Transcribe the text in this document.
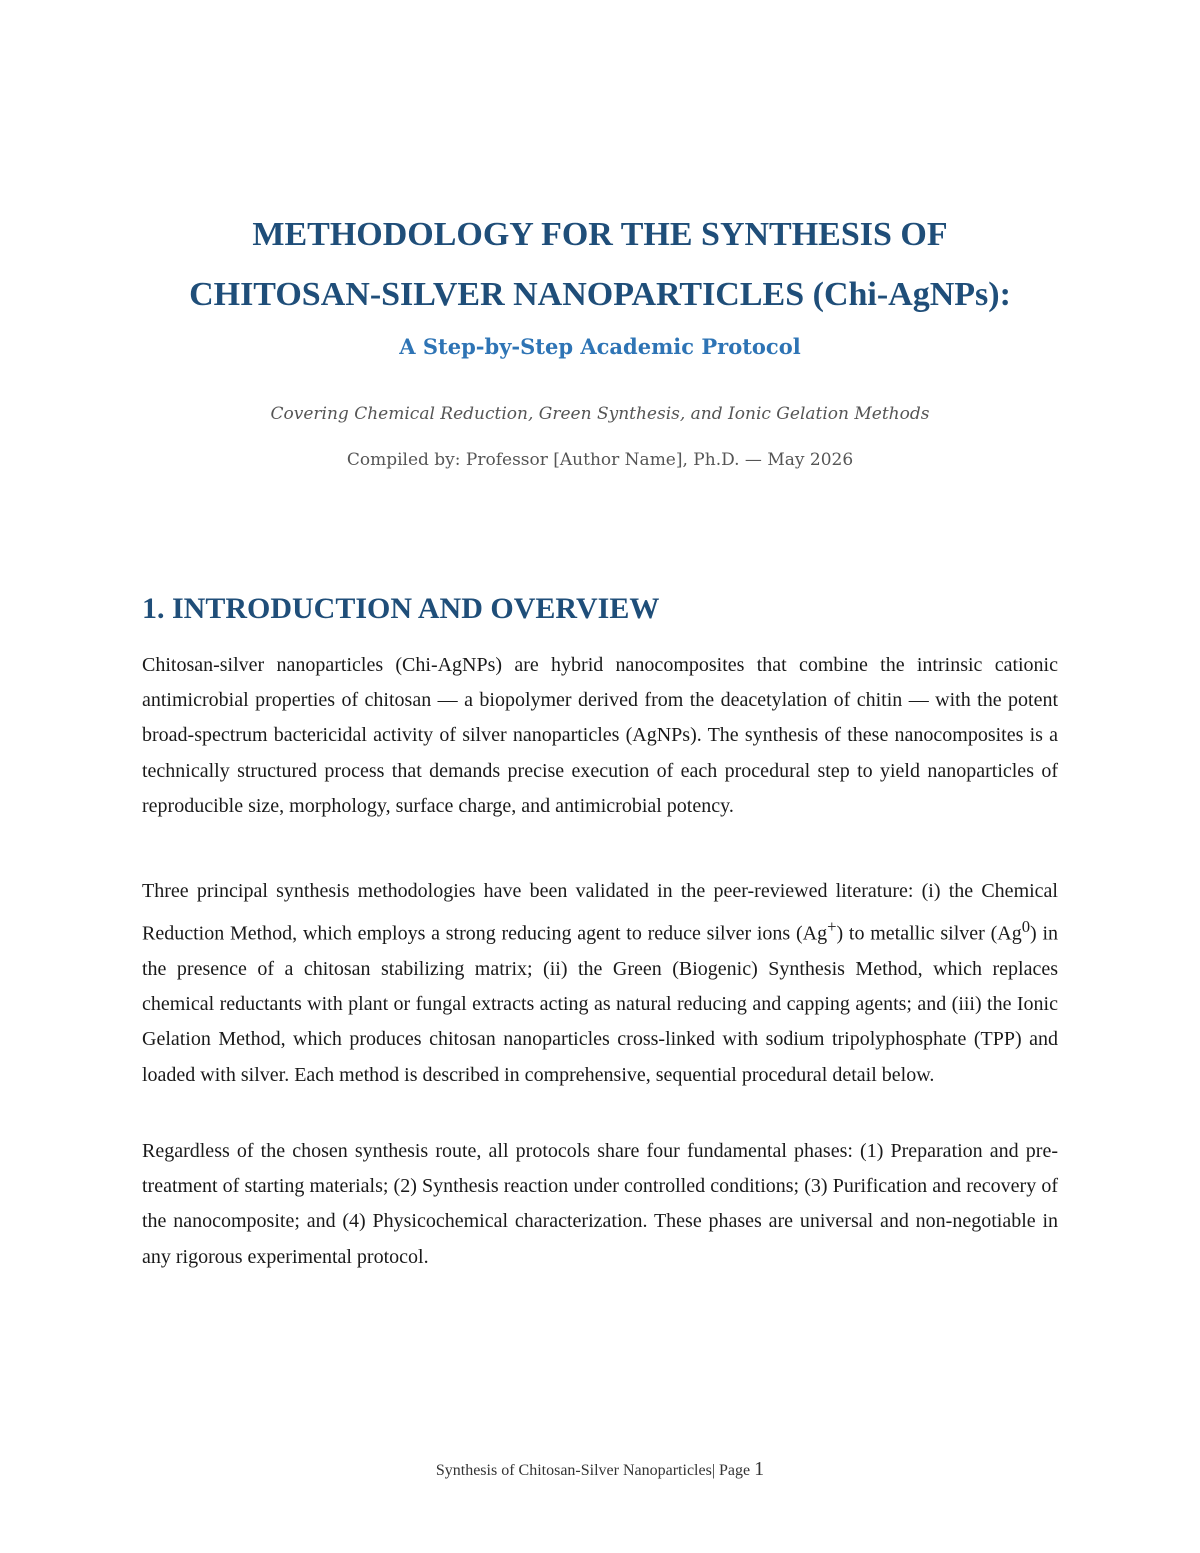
METHODOLOGY FOR THE SYNTHESIS OF
CHITOSAN-SILVER NANOPARTICLES (Chi-AgNPs):

A Step-by-Step Academic Protocol

Covering Chemical Reduction, Green Synthesis, and Ionic Gelation Methods

Compiled by: Professor [Author Name], Ph.D. — May 2026

1. INTRODUCTION AND OVERVIEW

Chitosan-silver nanoparticles (Chi-AgNPs) are hybrid nanocomposites that combine the intrinsic cationic antimicrobial properties of chitosan — a biopolymer derived from the deacetylation of chitin — with the potent broad-spectrum bactericidal activity of silver nanoparticles (AgNPs). The synthesis of these nanocomposites is a technically structured process that demands precise execution of each procedural step to yield nanoparticles of reproducible size, morphology, surface charge, and antimicrobial potency.

Three principal synthesis methodologies have been validated in the peer-reviewed literature: (i) the Chemical Reduction Method, which employs a strong reducing agent to reduce silver ions (Ag+) to metallic silver (Ag$^0$) in the presence of a chitosan stabilizing matrix; (ii) the Green (Biogenic) Synthesis Method, which replaces chemical reductants with plant or fungal extracts acting as natural reducing and capping agents; and (iii) the Ionic Gelation Method, which produces chitosan nanoparticles cross-linked with sodium tripolyphosphate (TPP) and loaded with silver. Each method is described in comprehensive, sequential procedural detail below.

Regardless of the chosen synthesis route, all protocols share four fundamental phases: (1) Preparation and pre-treatment of starting materials; (2) Synthesis reaction under controlled conditions; (3) Purification and recovery of the nanocomposite; and (4) Physicochemical characterization. These phases are universal and non-negotiable in any rigorous experimental protocol.

Synthesis of Chitosan-Silver Nanoparticles| Page 1
